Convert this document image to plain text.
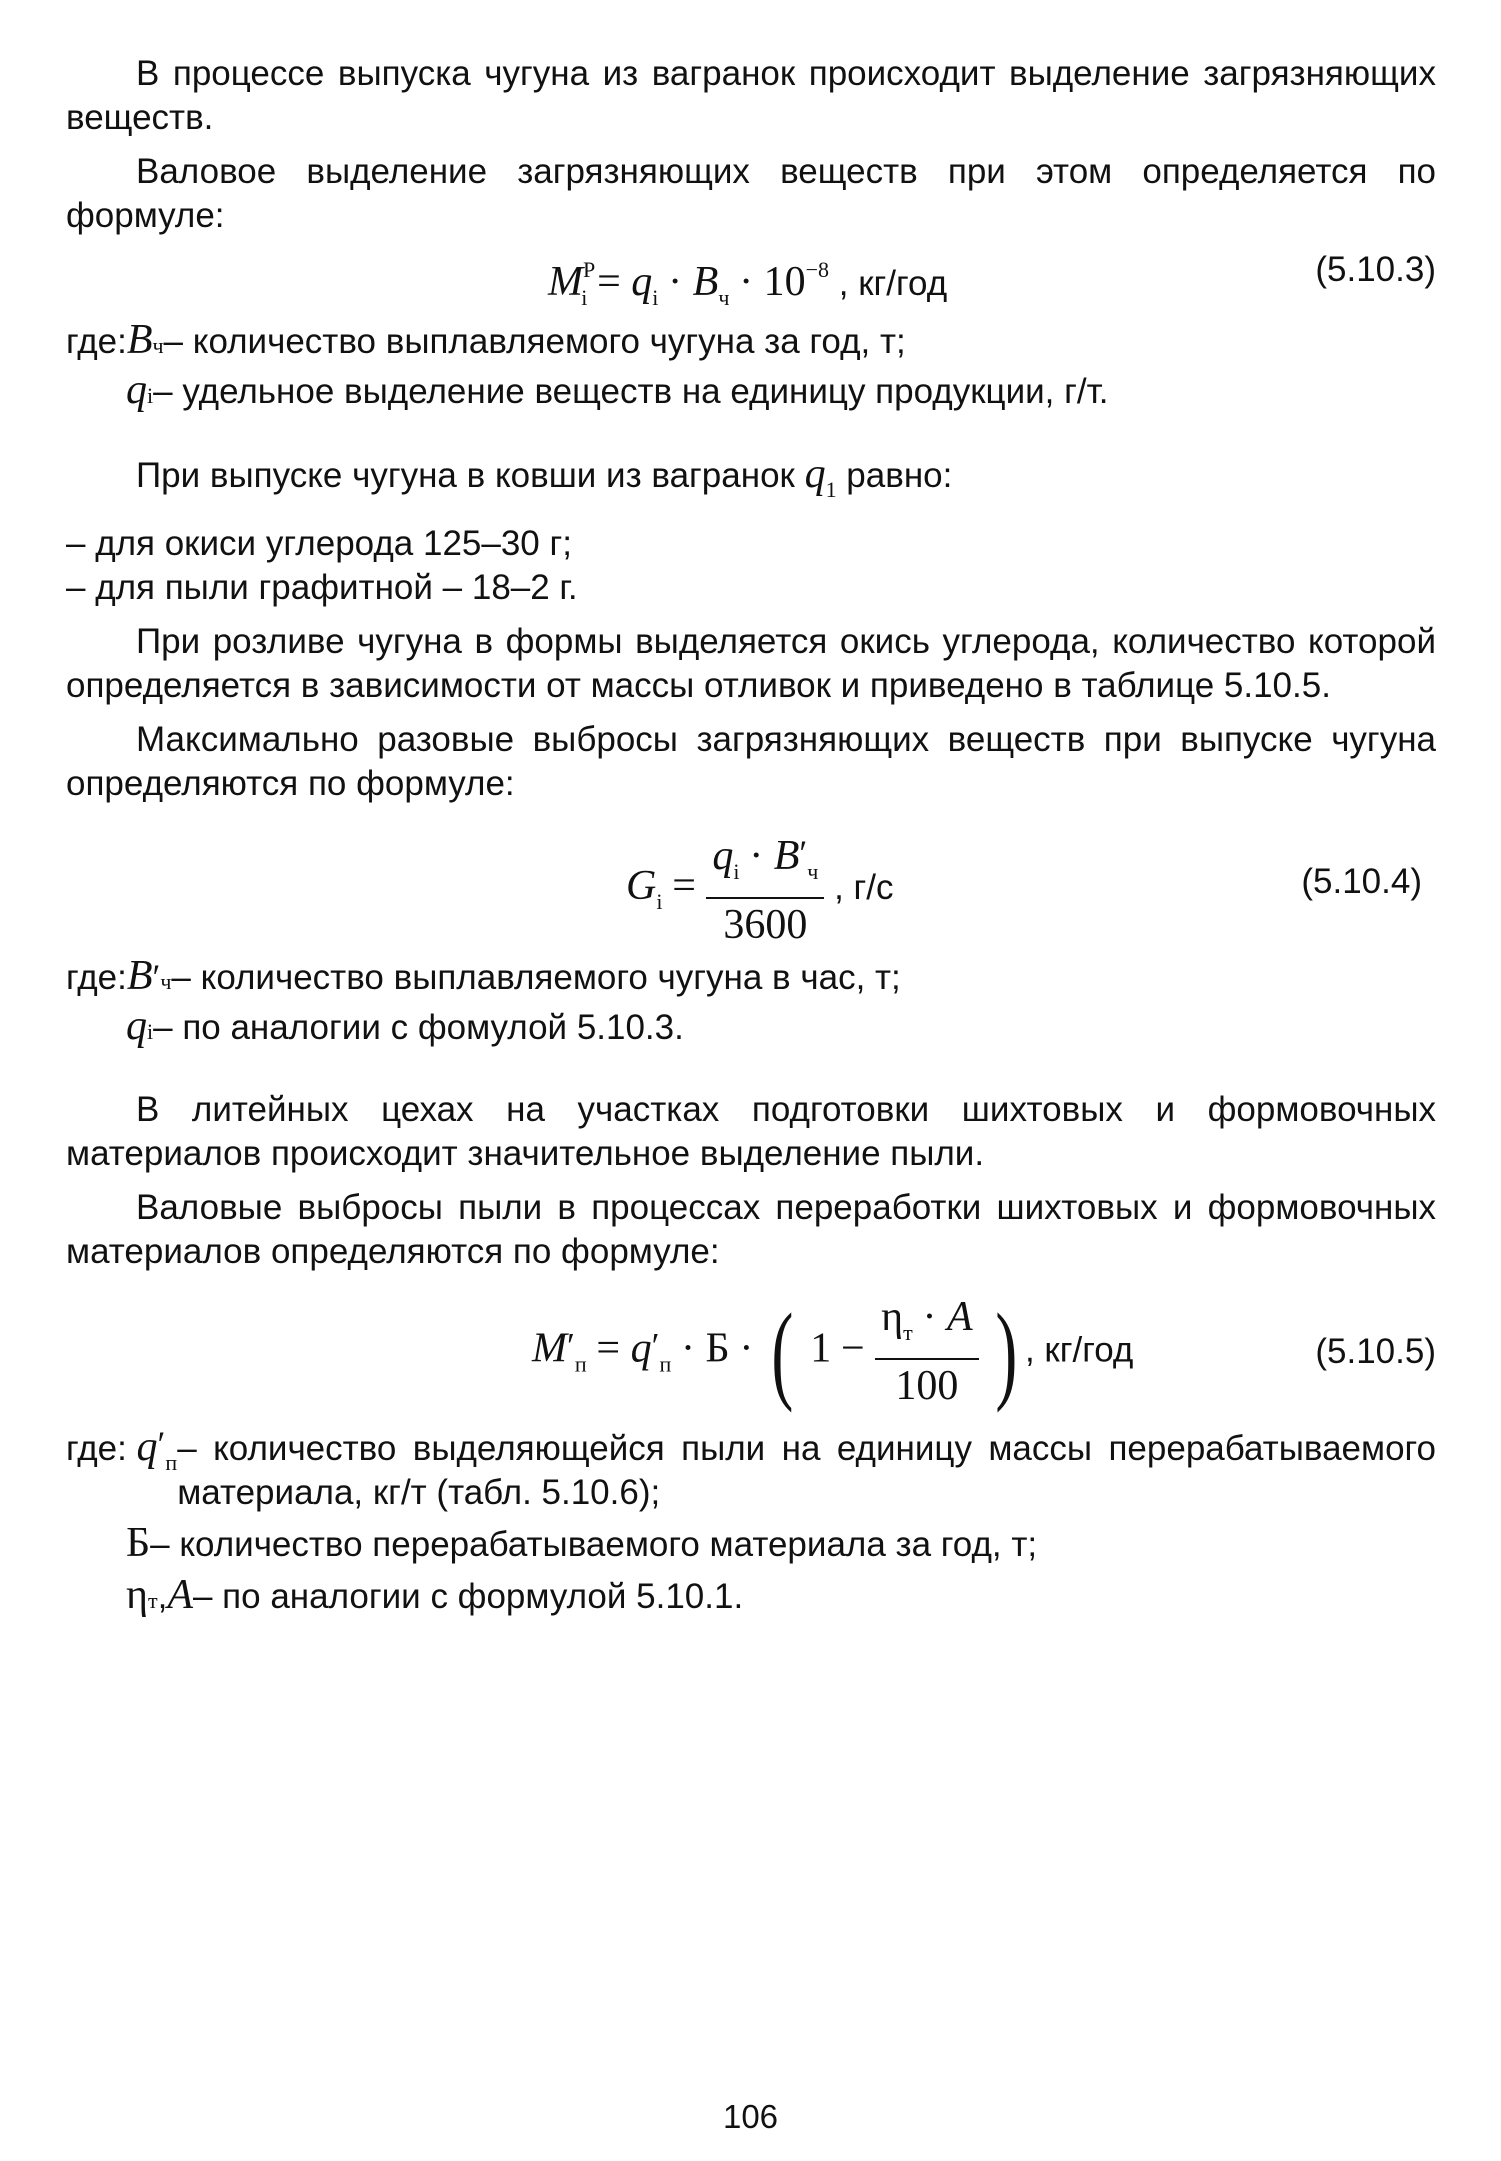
В процессе выпуска чугуна из вагранок происходит выделение загрязняющих веществ.

Валовое выделение загрязняющих веществ при этом определяется по формуле:

$M^Р_i = q_i \cdot B_ч \cdot 10^{-8}$ , кг/год	(5.10.3)
где: B ч – количество выплавляемого чугуна за год, т;
q i – удельное выделение веществ на единицу продукции, г/т.

При выпуске чугуна в ковши из вагранок $q_1$ равно:

– для окиси углерода 125–30 г;

– для пыли графитной – 18–2 г.

При розливе чугуна в формы выделяется окись углерода, количество которой определяется в зависимости от массы отливок и приведено в таблице 5.10.5.

Максимально разовые выбросы загрязняющих веществ при выпуске чугуна определяются по формуле:

$G_i = \frac{q_i \cdot B'_ч}{3600}$ , г/с	(5.10.4)
где: B ′ ч – количество выплавляемого чугуна в час, т;
q i – по аналогии с фомулой 5.10.3.

В литейных цехах на участках подготовки шихтовых и формовочных материалов происходит значительное выделение пыли.

Валовые выбросы пыли в процессах переработки шихтовых и формовочных материалов определяются по формуле:

$M'_п = q'_п \cdot Б$ · ( $1 - \frac{\eta_т \cdot A}{100}$ ) , кг/год	(5.10.5)
где: $q'_п$ – количество выделяющейся пыли на единицу массы перерабатываемого материала, кг/т (табл. 5.10.6);
Б – количество перерабатываемого материала за год, т;
η т , A – по аналогии с формулой 5.10.1.
106
